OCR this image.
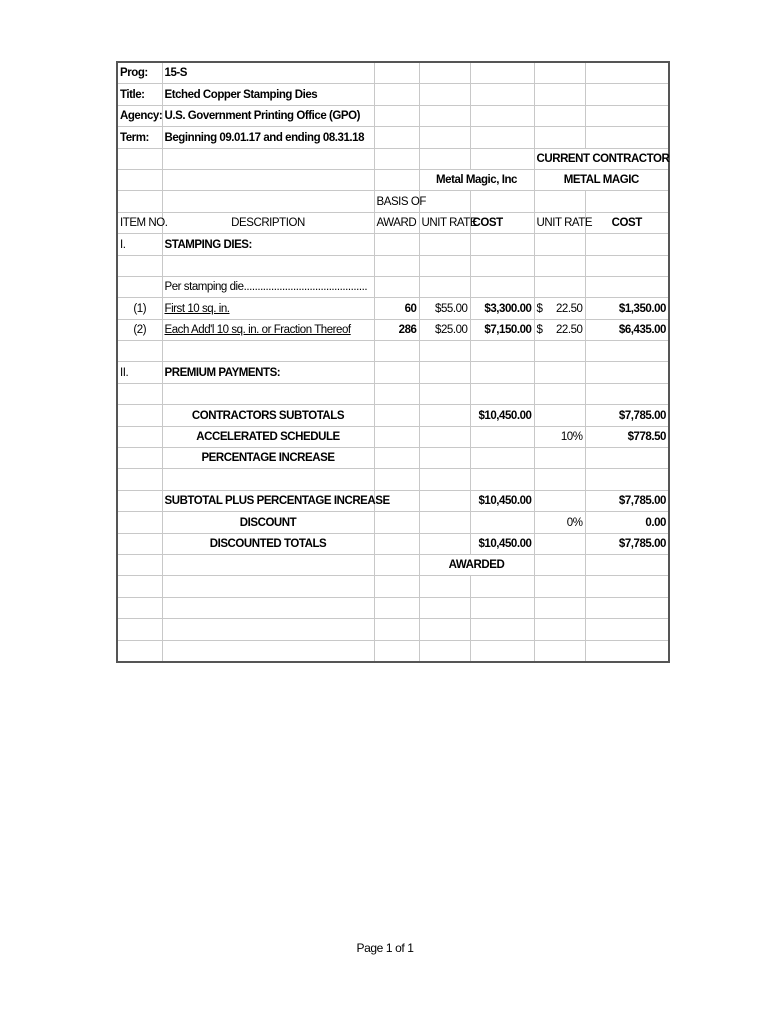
Prog:	15-S					
Title:	Etched Copper Stamping Dies					
Agency:	U.S. Government Printing Office (GPO)					
Term:	Beginning 09.01.17 and ending 08.31.18					
					CURRENT CONTRACTOR	
			Metal Magic, Inc		METAL MAGIC	
		BASIS OF				
ITEM NO.	DESCRIPTION	AWARD	UNIT RATE	COST	UNIT RATE	COST
I.	STAMPING DIES:					

	Per stamping die.............................................					
(1)	First 10 sq. in.	60	$55.00	$3,300.00	$ 22.50	$1,350.00
(2)	Each Add'l 10 sq. in. or Fraction Thereof	286	$25.00	$7,150.00	$ 22.50	$6,435.00

II.	PREMIUM PAYMENTS:					

	CONTRACTORS SUBTOTALS			$10,450.00		$7,785.00
	ACCELERATED SCHEDULE				10%	$778.50
	PERCENTAGE INCREASE					

	SUBTOTAL PLUS PERCENTAGE INCREASE			$10,450.00		$7,785.00
	DISCOUNT				0%	0.00
	DISCOUNTED TOTALS			$10,450.00		$7,785.00
			AWARDED			

Page 1 of 1
